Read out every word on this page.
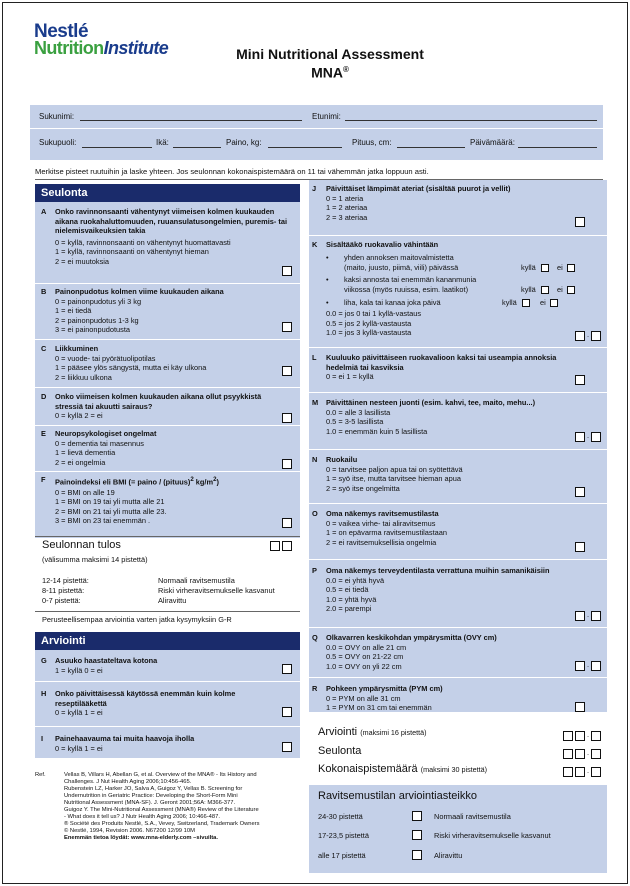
Nestlé
NutritionInstitute	Mini Nutritional Assessment
MNA®
Sukunimi:	Etunimi:
Sukupuoli:	Ikä:	Paino, kg:	Pituus, cm:	Päivämäärä:
Merkitse pisteet ruutuihin ja laske yhteen. Jos seulonnan kokonaispistemäärä on 11 tai vähemmän jatka loppuun asti.
Seulonta
A Onko ravinnonsaanti vähentynyt viimeisen kolmen kuukauden aikana ruokahaluttomuuden, ruuansulatusongelmien, puremis- tai nielemisvaikeuksien takia
0 = kyllä, ravinnonsaanti on vähentynyt huomattavasti
1 = kyllä, ravinnonsaanti on vähentynyt hieman
2 = ei muutoksia
B Painonpudotus kolmen viime kuukauden aikana
0 = painonpudotus yli 3 kg
1 = ei tiedä
2 = painonpudotus 1-3 kg
3 = ei painonpudotusta
C Liikkuminen
0 = vuode- tai pyörätuolipotilas
1 = pääsee ylös sängystä, mutta ei käy ulkona
2 = liikkuu ulkona
D Onko viimeisen kolmen kuukauden aikana ollut psyykkistä stressiä tai akuutti sairaus?
0 = kyllä 2 = ei
E Neuropsykologiset ongelmat
0 = dementia tai masennus
1 = lievä dementia
2 = ei ongelmia
F Painoindeksi eli BMI (= paino / (pituus)$^2$ $kg/m^2$)
0 = BMI on alle 19
1 = BMI on 19 tai yli mutta alle 21
2 = BMI on 21 tai yli mutta alle 23.
3 = BMI on 23 tai enemmän .
Seulonnan tulos
(välisumma maksimi 14 pistettä)
12-14 pistettä:	Normaali ravitsemustila
8-11 pistettä:	Riski virheravitsemukselle kasvanut
0-7 pistettä:	Aliravittu
Perusteellisempaa arviointia varten jatka kysymyksiin G-R
Arviointi
G Asuuko haastateltava kotona
1 = kyllä 0 = ei
H Onko päivittäisessä käytössä enemmän kuin kolme reseptilääkettä
0 = kyllä 1 = ei
I Painehaavauma tai muita haavoja iholla
0 = kyllä 1 = ei
Ref.	Vellas B, Villars H, Abellan G, et al. Overview of the MNA® - Its History and
Challenges. J Nut Health Aging 2006;10:456-465.
Rubenstein LZ, Harker JO, Salva A, Guigoz Y, Vellas B. Screening for
Undernutrition in Geriatric Practice: Developing the Short-Form Mini
Nutritional Assessment (MNA-SF). J. Geront 2001;56A: M366-377.
Guigoz Y. The Mini-Nutritional Assessment (MNA®) Review of the Literature
- What does it tell us? J Nutr Health Aging 2006; 10:466-487.
® Société des Produits Nestlé, S.A., Vevey, Switzerland, Trademark Owners
© Nestlé, 1994, Revision 2006. N67200 12/99 10M
Enemmän tietoa löydät: www.mna-elderly.com –sivuilta.
J Päivittäiset lämpimät ateriat (sisältää puurot ja vellit)
0 = 1 ateria
1 = 2 ateriaa
2 = 3 ateriaa
K Sisältääkö ruokavalio vähintään
• yhden annoksen maitovalmistetta
(maito, juusto, piimä, viili) päivässä	kyllä	ei
• kaksi annosta tai enemmän kananmunia
viikossa (myös ruuissa, esim. laatikot)	kyllä	ei
• liha, kala tai kanaa joka päivä	kyllä	ei
0.0 = jos 0 tai 1 kyllä-vastaus
0.5 = jos 2 kyllä-vastausta
1.0 = jos 3 kyllä-vastausta	.
L Kuuluuko päivittäiseen ruokavalioon kaksi tai useampia annoksia hedelmiä tai kasviksia
0 = ei 1 = kyllä
M Päivittäinen nesteen juonti (esim. kahvi, tee, maito, mehu...)
0.0 = alle 3 lasillista
0.5 = 3-5 lasillista
1.0 = enemmän kuin 5 lasillista	.
N Ruokailu
0 = tarvitsee paljon apua tai on syötettävä
1 = syö itse, mutta tarvitsee hieman apua
2 = syö itse ongelmitta
O Oma näkemys ravitsemustilasta
0 = vaikea virhe- tai aliravitsemus
1 = on epävarma ravitsemustilastaan
2 = ei ravitsemuksellisia ongelmia
P Oma näkemys terveydentilasta verrattuna muihin samanikäisiin
0.0 = ei yhtä hyvä
0.5 = ei tiedä
1.0 = yhtä hyvä
2.0 = parempi
.
Q Olkavarren keskikohdan ympärysmitta (OVY cm)
0.0 = OVY on alle 21 cm
0.5 = OVY on 21-22 cm
1.0 = OVY on yli 22 cm	.
R Pohkeen ympärysmitta (PYM cm)
0 = PYM on alle 31 cm
1 = PYM on 31 cm tai enemmän
Arviointi (maksimi 16 pistettä)	.
Seulonta	.
Kokonaispistemäärä (maksimi 30 pistettä)	.
Ravitsemustilan arviointiasteikko
24-30 pistettä	Normaali ravitsemustila
17-23,5 pistettä	Riski virheravitsemukselle kasvanut
alle 17 pistettä	Aliravittu
